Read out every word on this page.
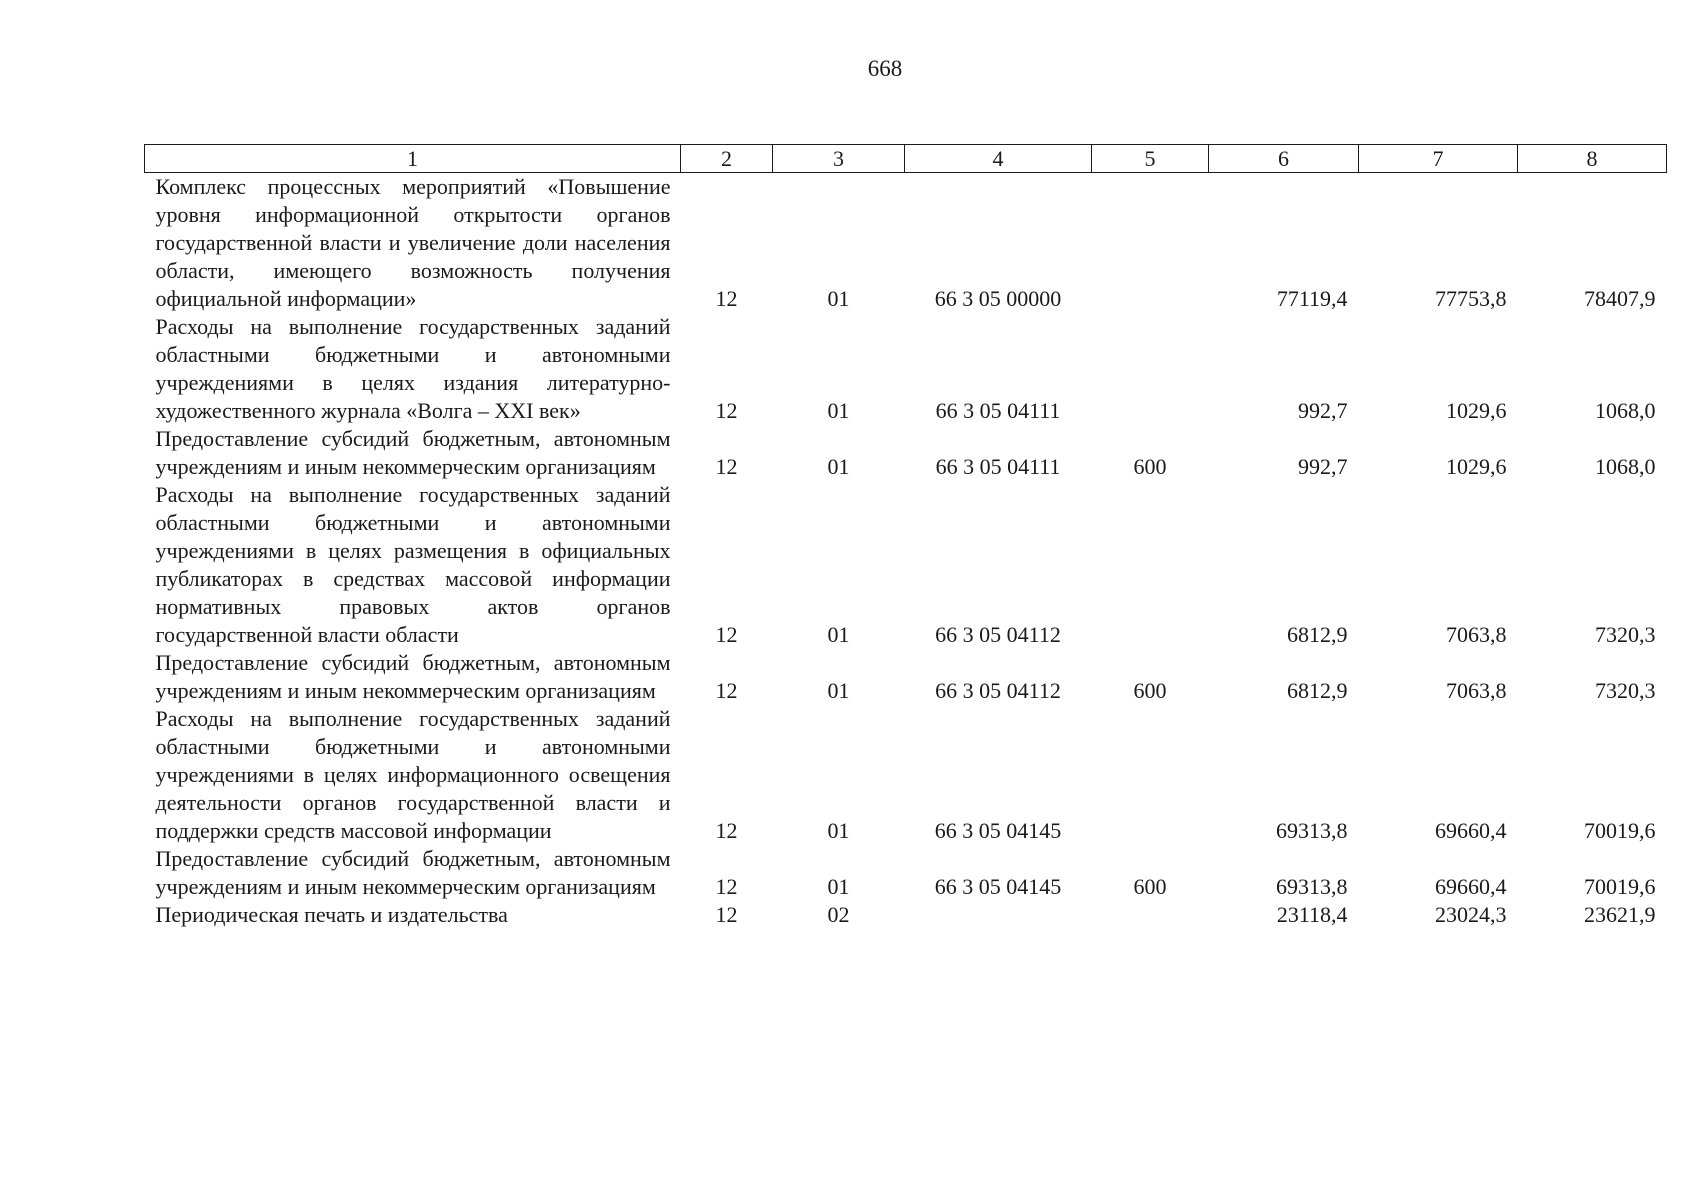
668
1	2	3	4	5	6	7	8
Комплекс процессных мероприятий «Повышение уровня информационной открытости органов государственной власти и увеличение доли населения области, имеющего возможность получения официальной информации»	12	01	66 3 05 00000		77119,4	77753,8	78407,9
Расходы на выполнение государственных заданий областными бюджетными и автономными учреждениями в целях издания литературно-художественного журнала «Волга – XXI век»	12	01	66 3 05 04111		992,7	1029,6	1068,0
Предоставление субсидий бюджетным, автономным учреждениям и иным некоммерческим организациям	12	01	66 3 05 04111	600	992,7	1029,6	1068,0
Расходы на выполнение государственных заданий областными бюджетными и автономными учреждениями в целях размещения в официальных публикаторах в средствах массовой информации нормативных правовых актов органов государственной власти области	12	01	66 3 05 04112		6812,9	7063,8	7320,3
Предоставление субсидий бюджетным, автономным учреждениям и иным некоммерческим организациям	12	01	66 3 05 04112	600	6812,9	7063,8	7320,3
Расходы на выполнение государственных заданий областными бюджетными и автономными учреждениями в целях информационного освещения деятельности органов государственной власти и поддержки средств массовой информации	12	01	66 3 05 04145		69313,8	69660,4	70019,6
Предоставление субсидий бюджетным, автономным учреждениям и иным некоммерческим организациям	12	01	66 3 05 04145	600	69313,8	69660,4	70019,6
Периодическая печать и издательства	12	02			23118,4	23024,3	23621,9
